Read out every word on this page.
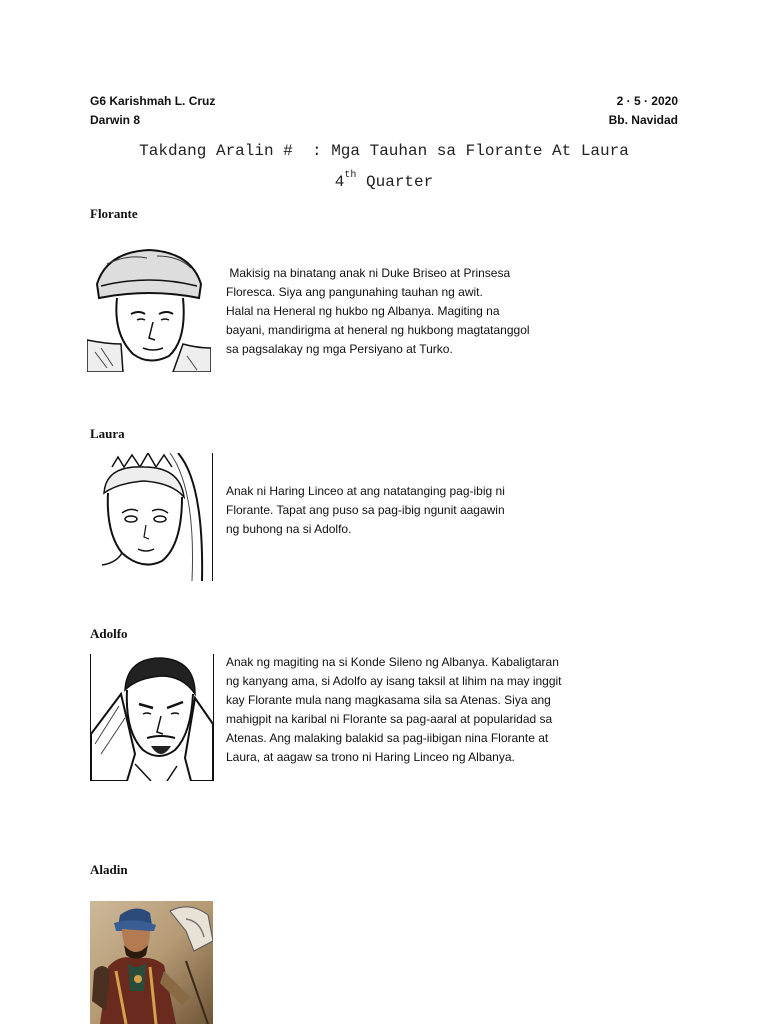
G6 Karishmah L. Cruz
Darwin 8
2 · 5 · 2020
Bb. Navidad
Takdang Aralin #  : Mga Tauhan sa Florante At Laura
4th Quarter
Florante
Makisig na binatang anak ni Duke Briseo at Prinsesa
Floresca. Siya ang pangunahing tauhan ng awit.
Halal na Heneral ng hukbo ng Albanya. Magiting na
bayani, mandirigma at heneral ng hukbong magtatanggol
sa pagsalakay ng mga Persiyano at Turko.
Laura
Anak ni Haring Linceo at ang natatanging pag-ibig ni
Florante. Tapat ang puso sa pag-ibig ngunit aagawin
ng buhong na si Adolfo.
Adolfo
Anak ng magiting na si Konde Sileno ng Albanya. Kabaligtaran
ng kanyang ama, si Adolfo ay isang taksil at lihim na may inggit
kay Florante mula nang magkasama sila sa Atenas. Siya ang
mahigpit na karibal ni Florante sa pag-aaral at popularidad sa
Atenas. Ang malaking balakid sa pag-iibigan nina Florante at
Laura, at aagaw sa trono ni Haring Linceo ng Albanya.
Aladin
